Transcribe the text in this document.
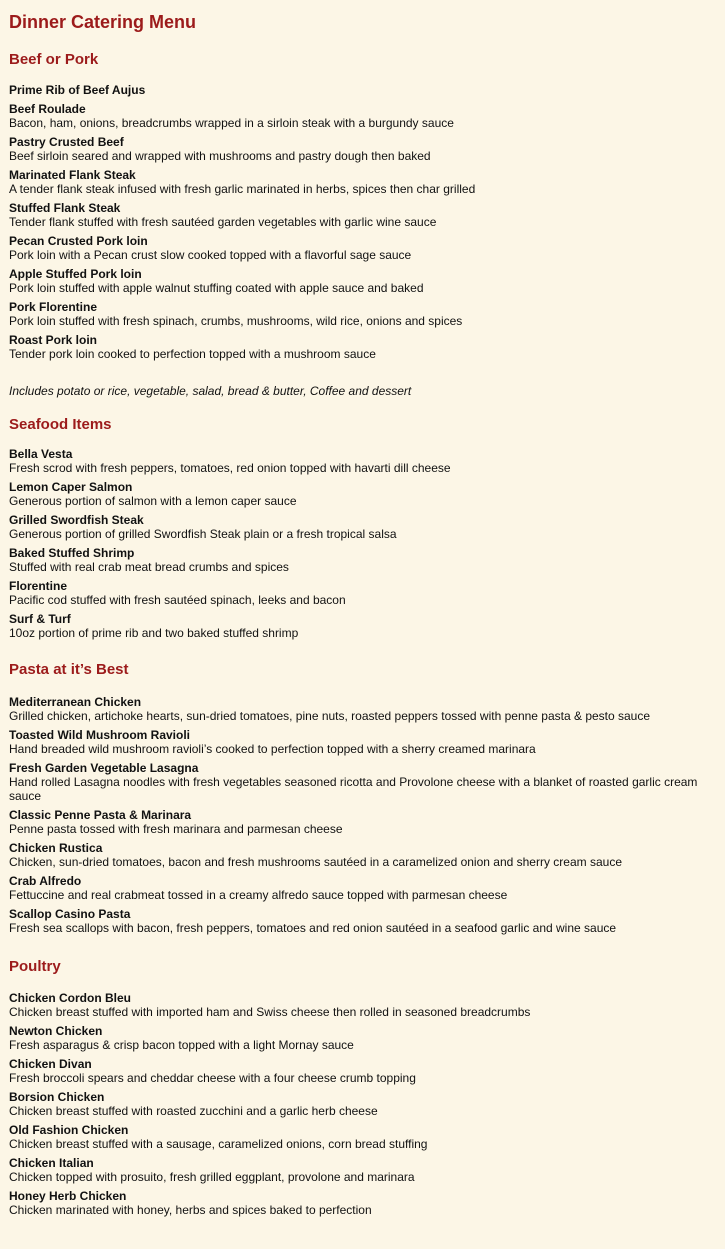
Dinner Catering Menu
Beef or Pork
Prime Rib of Beef Aujus
Beef Roulade
Bacon, ham, onions, breadcrumbs wrapped in a sirloin steak with a burgundy sauce
Pastry Crusted Beef
Beef sirloin seared and wrapped with mushrooms and pastry dough then baked
Marinated Flank Steak
A tender flank steak infused with fresh garlic marinated in herbs, spices then char grilled
Stuffed Flank Steak
Tender flank stuffed with fresh sautéed garden vegetables with garlic wine sauce
Pecan Crusted Pork loin
Pork loin with a Pecan crust slow cooked topped with a flavorful sage sauce
Apple Stuffed Pork loin
Pork loin stuffed with apple walnut stuffing coated with apple sauce and baked
Pork Florentine
Pork loin stuffed with fresh spinach, crumbs, mushrooms, wild rice, onions and spices
Roast Pork loin
Tender pork loin cooked to perfection topped with a mushroom sauce
Includes potato or rice, vegetable, salad, bread & butter, Coffee and dessert
Seafood Items
Bella Vesta
Fresh scrod with fresh peppers, tomatoes, red onion topped with havarti dill cheese
Lemon Caper Salmon
Generous portion of salmon with a lemon caper sauce
Grilled Swordfish Steak
Generous portion of grilled Swordfish Steak plain or a fresh tropical salsa
Baked Stuffed Shrimp
Stuffed with real crab meat bread crumbs and spices
Florentine
Pacific cod stuffed with fresh sautéed spinach, leeks and bacon
Surf & Turf
10oz portion of prime rib and two baked stuffed shrimp
Pasta at it’s Best
Mediterranean Chicken
Grilled chicken, artichoke hearts, sun-dried tomatoes, pine nuts, roasted peppers tossed with penne pasta & pesto sauce
Toasted Wild Mushroom Ravioli
Hand breaded wild mushroom ravioli’s cooked to perfection topped with a sherry creamed marinara
Fresh Garden Vegetable Lasagna
Hand rolled Lasagna noodles with fresh vegetables seasoned ricotta and Provolone cheese with a blanket of roasted garlic cream sauce
Classic Penne Pasta & Marinara
Penne pasta tossed with fresh marinara and parmesan cheese
Chicken Rustica
Chicken, sun-dried tomatoes, bacon and fresh mushrooms sautéed in a caramelized onion and sherry cream sauce
Crab Alfredo
Fettuccine and real crabmeat tossed in a creamy alfredo sauce topped with parmesan cheese
Scallop Casino Pasta
Fresh sea scallops with bacon, fresh peppers, tomatoes and red onion sautéed in a seafood garlic and wine sauce
Poultry
Chicken Cordon Bleu
Chicken breast stuffed with imported ham and Swiss cheese then rolled in seasoned breadcrumbs
Newton Chicken
Fresh asparagus & crisp bacon topped with a light Mornay sauce
Chicken Divan
Fresh broccoli spears and cheddar cheese with a four cheese crumb topping
Borsion Chicken
Chicken breast stuffed with roasted zucchini and a garlic herb cheese
Old Fashion Chicken
Chicken breast stuffed with a sausage, caramelized onions, corn bread stuffing
Chicken Italian
Chicken topped with prosuito, fresh grilled eggplant, provolone and marinara
Honey Herb Chicken
Chicken marinated with honey, herbs and spices baked to perfection
